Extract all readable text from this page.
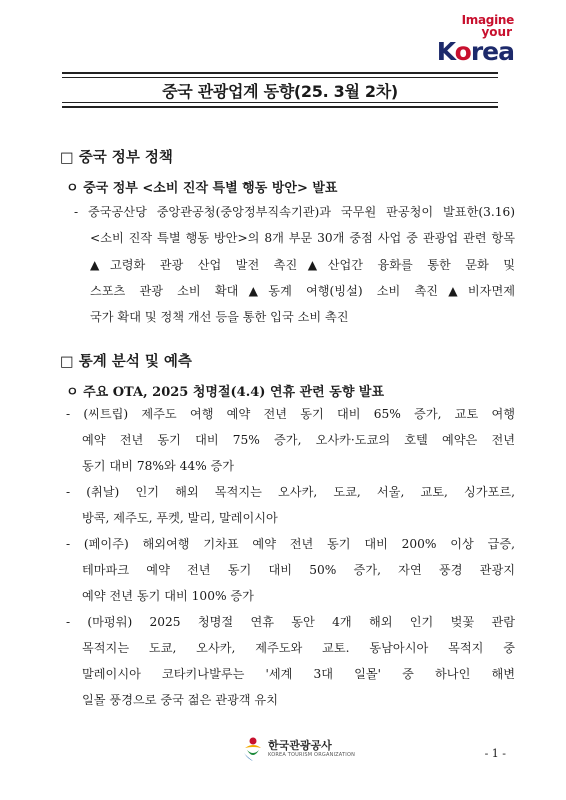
Imagine
your
Korea
중국 관광업계 동향(25. 3월 2차)
□ 중국 정부 정책
ㅇ 중국 정부 <소비 진작 특별 행동 방안> 발표
- 중국공산당 중앙관공청(중앙정부직속기관)과 국무원 판공청이 발표한(3.16)
<소비 진작 특별 행동 방안>의 8개 부문 30개 중점 사업 중 관광업 관련 항목
▲고령화 관광 산업 발전 촉진▲산업간 융화를 통한 문화 및
스포츠 관광 소비 확대▲동계 여행(빙설) 소비 촉진▲비자면제
국가 확대 및 정책 개선 등을 통한 입국 소비 촉진
□ 통계 분석 및 예측
ㅇ 주요 OTA, 2025 청명절(4.4) 연휴 관련 동향 발표
- (씨트립) 제주도 여행 예약 전년 동기 대비 65% 증가, 교토 여행
예약 전년 동기 대비 75% 증가, 오사카·도쿄의 호텔 예약은 전년
동기 대비 78%와 44% 증가
- (취날) 인기 해외 목적지는 오사카, 도쿄, 서울, 교토, 싱가포르,
방콕, 제주도, 푸켓, 발리, 말레이시아
- (페이주) 해외여행 기차표 예약 전년 동기 대비 200% 이상 급증,
테마파크 예약 전년 동기 대비 50% 증가, 자연 풍경 관광지
예약 전년 동기 대비 100% 증가
- (마펑워) 2025 청명절 연휴 동안 4개 해외 인기 벚꽃 관람
목적지는 도쿄, 오사카, 제주도와 교토. 동남아시아 목적지 중
말레이시아 코타키나발루는 '세계 3대 일몰' 중 하나인 해변
일몰 풍경으로 중국 젊은 관광객 유치
한국관광공사
KOREA TOURISM ORGANIZATION	- 1 -
